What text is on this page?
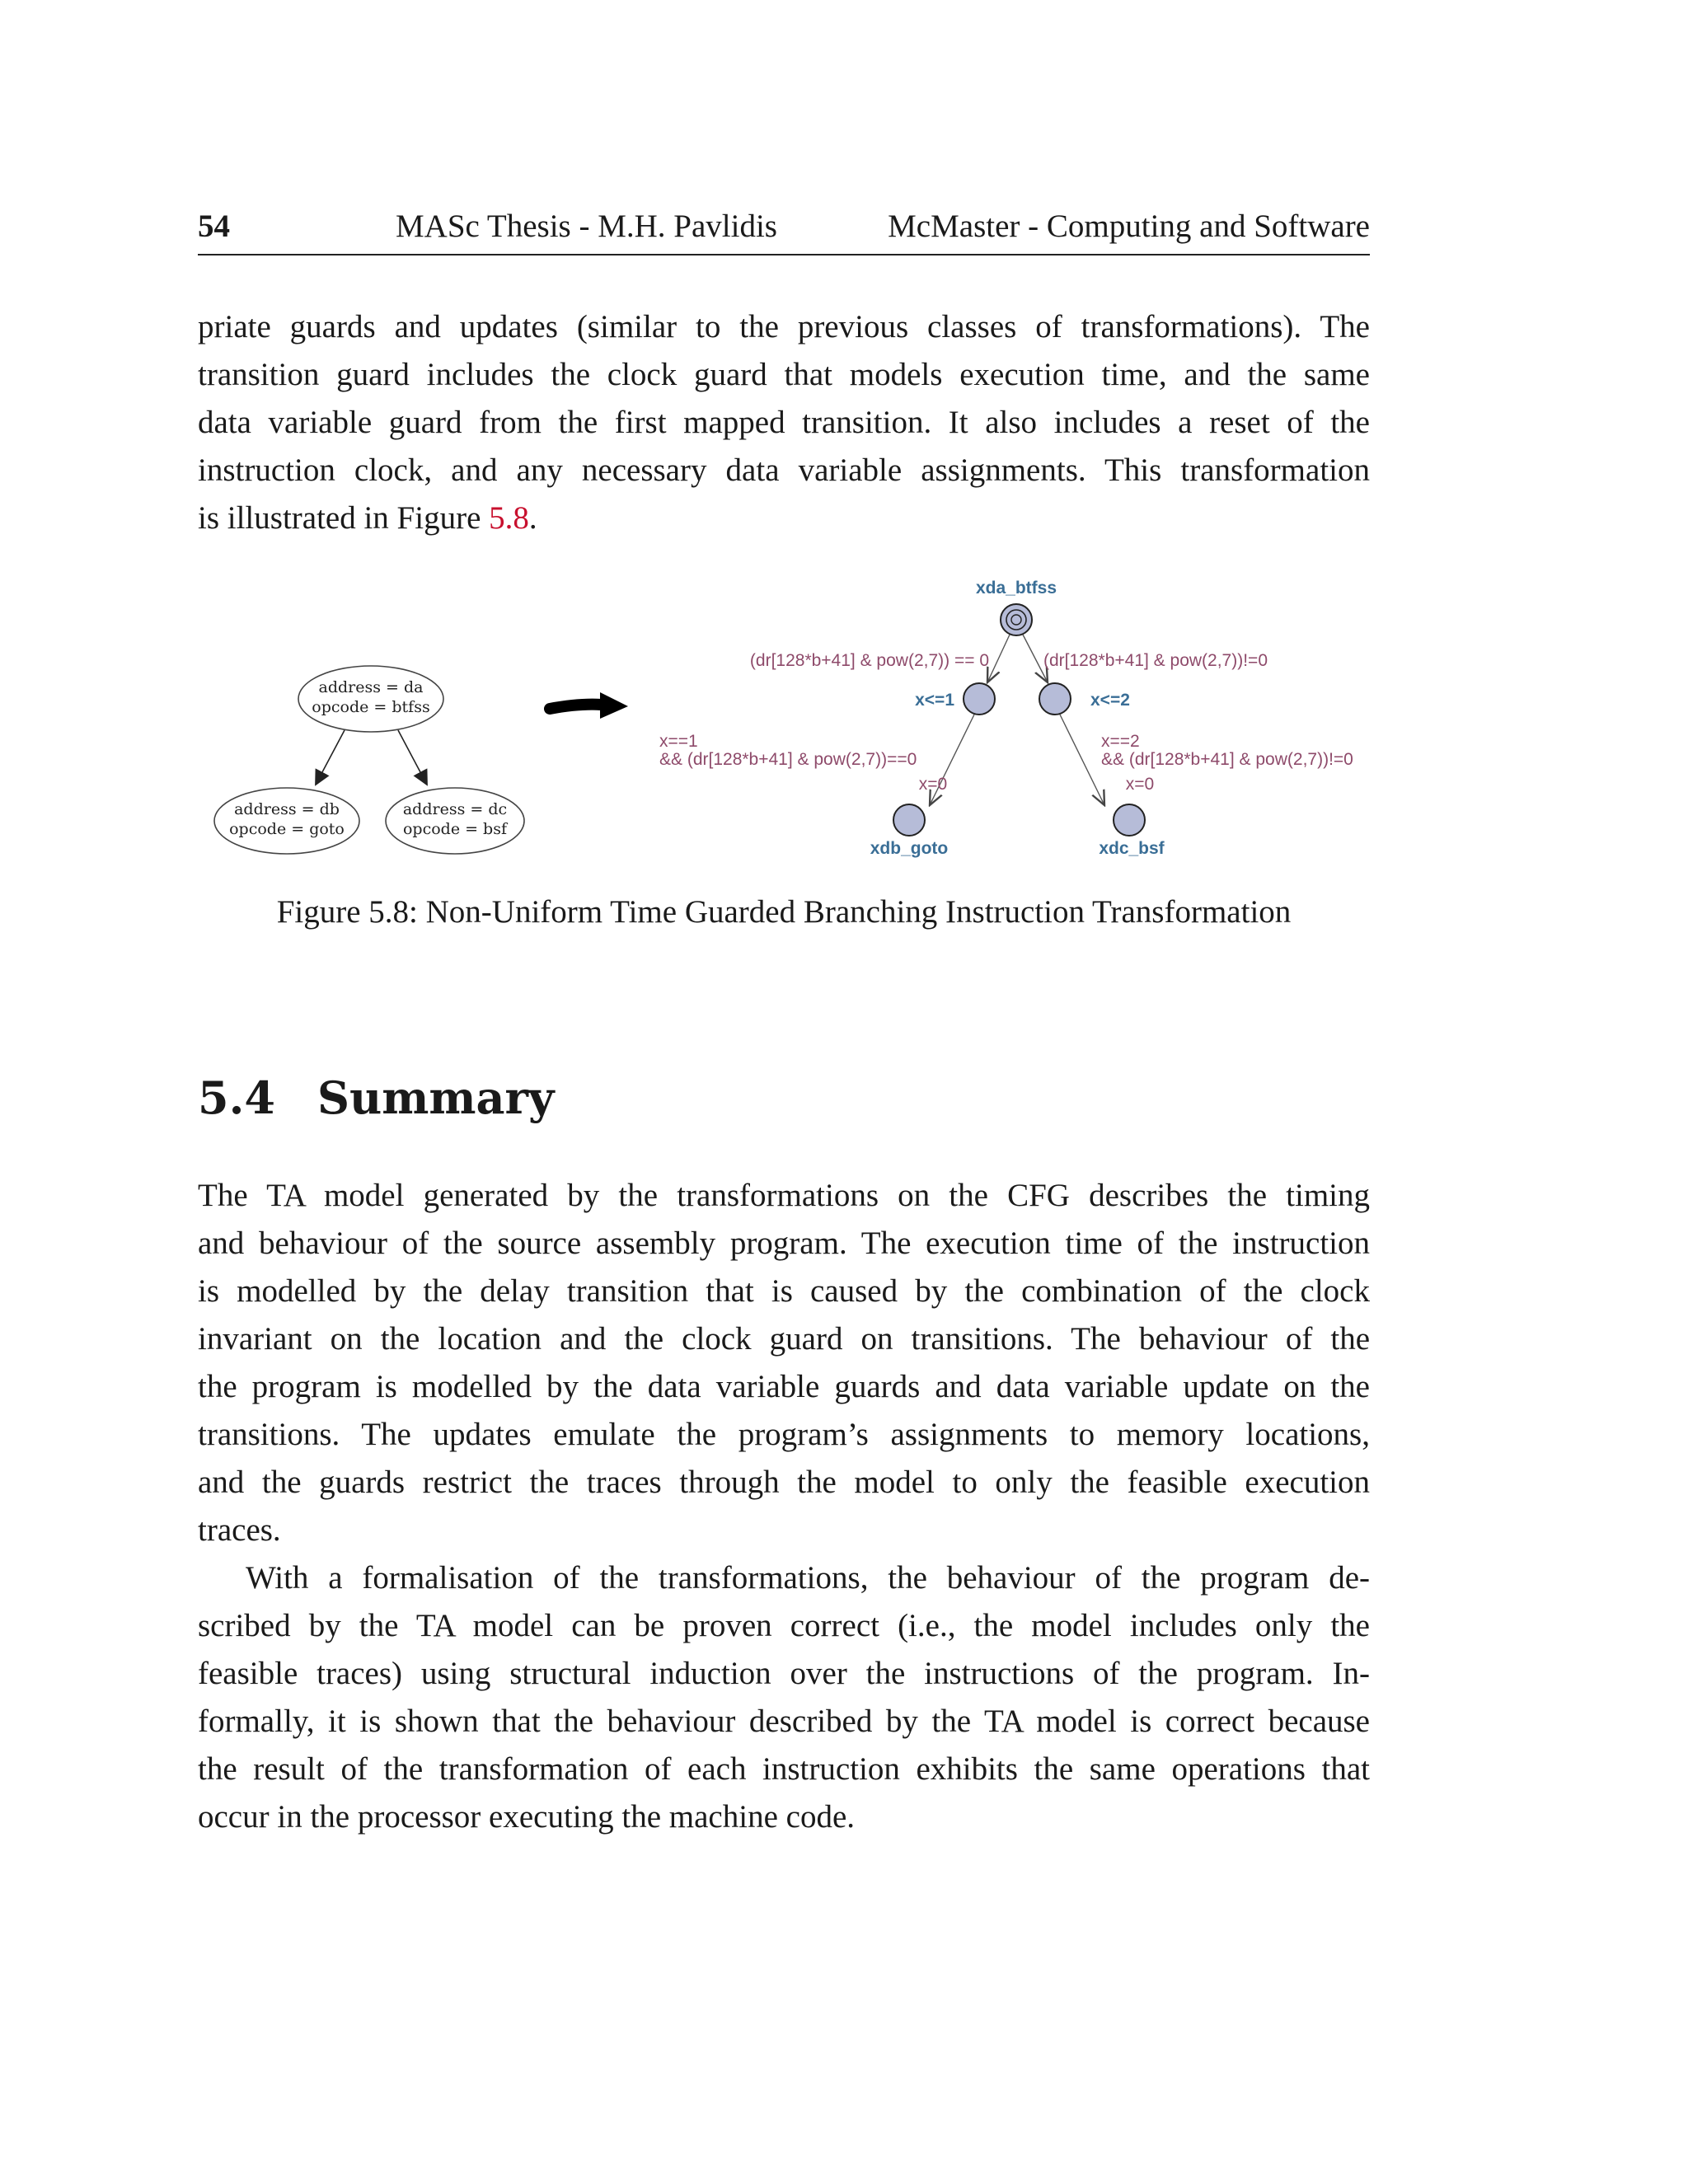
54	MASc Thesis - M.H. Pavlidis	McMaster - Computing and Software

priate guards and updates (similar to the previous classes of transformations). The
transition guard includes the clock guard that models execution time, and the same
data variable guard from the first mapped transition. It also includes a reset of the
instruction clock, and any necessary data variable assignments. This transformation
is illustrated in Figure 5.8.

address = da
opcode = btfss
address = db
opcode = goto
address = dc
opcode = bsf
xda_btfss
(dr[128*b+41] & pow(2,7)) == 0	(dr[128*b+41] & pow(2,7))!=0
x<=1	x<=2
x==1
&& (dr[128*b+41] & pow(2,7))==0
x=0
x==2
&& (dr[128*b+41] & pow(2,7))!=0
x=0
xdb_goto	xdc_bsf
Figure 5.8: Non-Uniform Time Guarded Branching Instruction Transformation
5.4 Summary

The TA model generated by the transformations on the CFG describes the timing
and behaviour of the source assembly program. The execution time of the instruction
is modelled by the delay transition that is caused by the combination of the clock
invariant on the location and the clock guard on transitions. The behaviour of the
the program is modelled by the data variable guards and data variable update on the
transitions. The updates emulate the program’s assignments to memory locations,
and the guards restrict the traces through the model to only the feasible execution
traces.

With a formalisation of the transformations, the behaviour of the program de-
scribed by the TA model can be proven correct (i.e., the model includes only the
feasible traces) using structural induction over the instructions of the program. In-
formally, it is shown that the behaviour described by the TA model is correct because
the result of the transformation of each instruction exhibits the same operations that
occur in the processor executing the machine code.
